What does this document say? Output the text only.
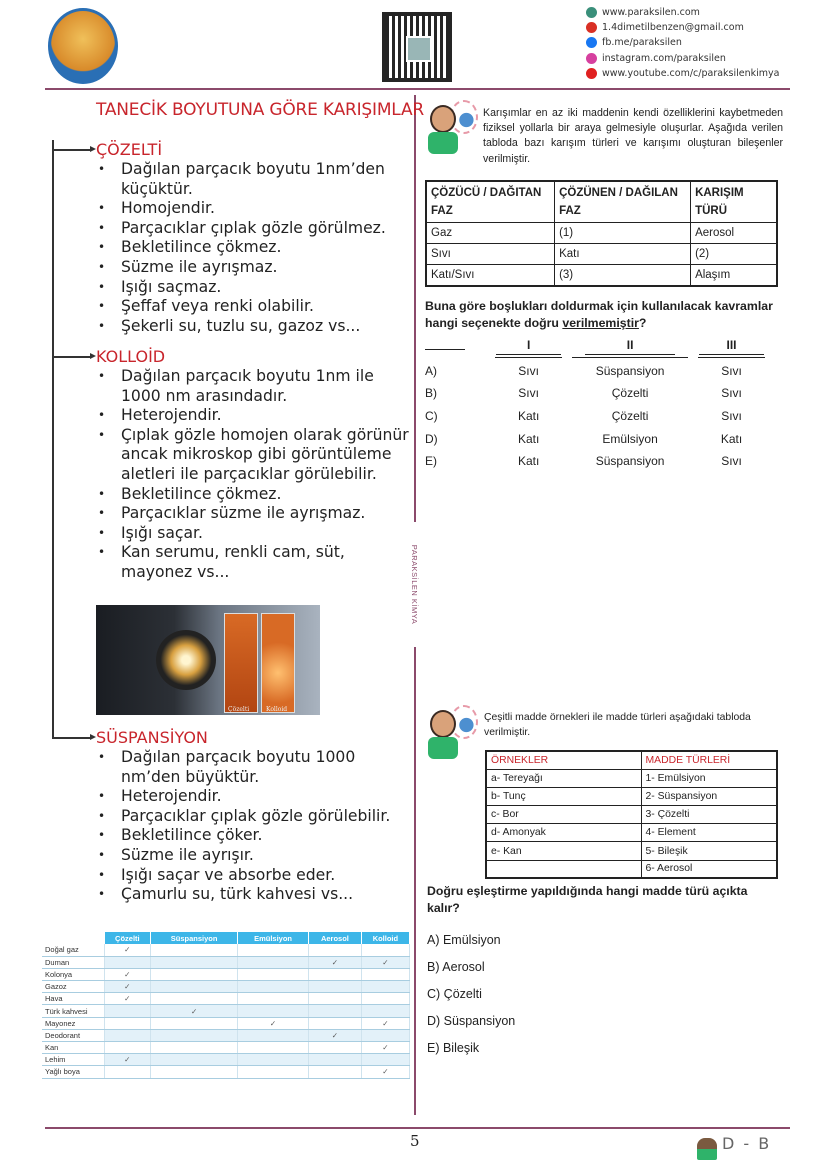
www.paraksilen.com
1.4dimetilbenzen@gmail.com
fb.me/paraksilen
instagram.com/paraksilen
www.youtube.com/c/paraksilenkimya
PARAKSİLEN KİMYA
TANECİK BOYUTUNA GÖRE KARIŞIMLAR
ÇÖZELTİ
• Dağılan parçacık boyutu 1nm’den küçüktür.
• Homojendir.
• Parçacıklar çıplak gözle görülmez.
• Bekletilince çökmez.
• Süzme ile ayrışmaz.
• Işığı saçmaz.
• Şeffaf veya renki olabilir.
• Şekerli su, tuzlu su, gazoz vs...
KOLLOİD
• Dağılan parçacık boyutu 1nm ile 1000 nm arasındadır.
• Heterojendir.
• Çıplak gözle homojen olarak görünür ancak mikroskop gibi görüntüleme aletleri ile parçacıklar görülebilir.
• Bekletilince çökmez.
• Parçacıklar süzme ile ayrışmaz.
• Işığı saçar.
• Kan serumu, renkli cam, süt, mayonez vs...
Çözelti	Kolloid
SÜSPANSİYON
• Dağılan parçacık boyutu 1000 nm’den büyüktür.
• Heterojendir.
• Parçacıklar çıplak gözle görülebilir.
• Bekletilince çöker.
• Süzme ile ayrışır.
• Işığı saçar ve absorbe eder.
• Çamurlu su, türk kahvesi vs...
	Çözelti	Süspansiyon	Emülsiyon	Aerosol	Kolloid
Doğal gaz	✓				
Duman				✓	✓
Kolonya	✓				
Gazoz	✓				
Hava	✓				
Türk kahvesi		✓			
Mayonez			✓		✓
Deodorant				✓	
Kan					✓
Lehim	✓				
Yağlı boya					✓
Karışımlar en az iki maddenin kendi özelliklerini kaybetmeden fiziksel yollarla bir araya gelmesiyle oluşurlar. Aşağıda verilen tabloda bazı karışım türleri ve karışımı oluşturan bileşenler verilmiştir.
ÇÖZÜCÜ / DAĞITAN FAZ	ÇÖZÜNEN / DAĞILAN FAZ	KARIŞIM TÜRÜ
Gaz	(1)	Aerosol
Sıvı	Katı	(2)
Katı/Sıvı	(3)	Alaşım
Buna göre boşlukları doldurmak için kullanılacak kavramlar hangi seçenekte doğru verilmemiştir?
I	II	III
A)	Sıvı	Süspansiyon	Sıvı
B)	Sıvı	Çözelti	Sıvı
C)	Katı	Çözelti	Sıvı
D)	Katı	Emülsiyon	Katı
E)	Katı	Süspansiyon	Sıvı
Çeşitli madde örnekleri ile madde türleri aşağıdaki tabloda verilmiştir.
ÖRNEKLER	MADDE TÜRLERİ
a- Tereyağı	1- Emülsiyon
b- Tunç	2- Süspansiyon
c- Bor	3- Çözelti
d- Amonyak	4- Element
e- Kan	5- Bileşik
	6- Aerosol
Doğru eşleştirme yapıldığında hangi madde türü açıkta kalır?
A) Emülsiyon
B) Aerosol
C) Çözelti
D) Süspansiyon
E) Bileşik
5	D - B
